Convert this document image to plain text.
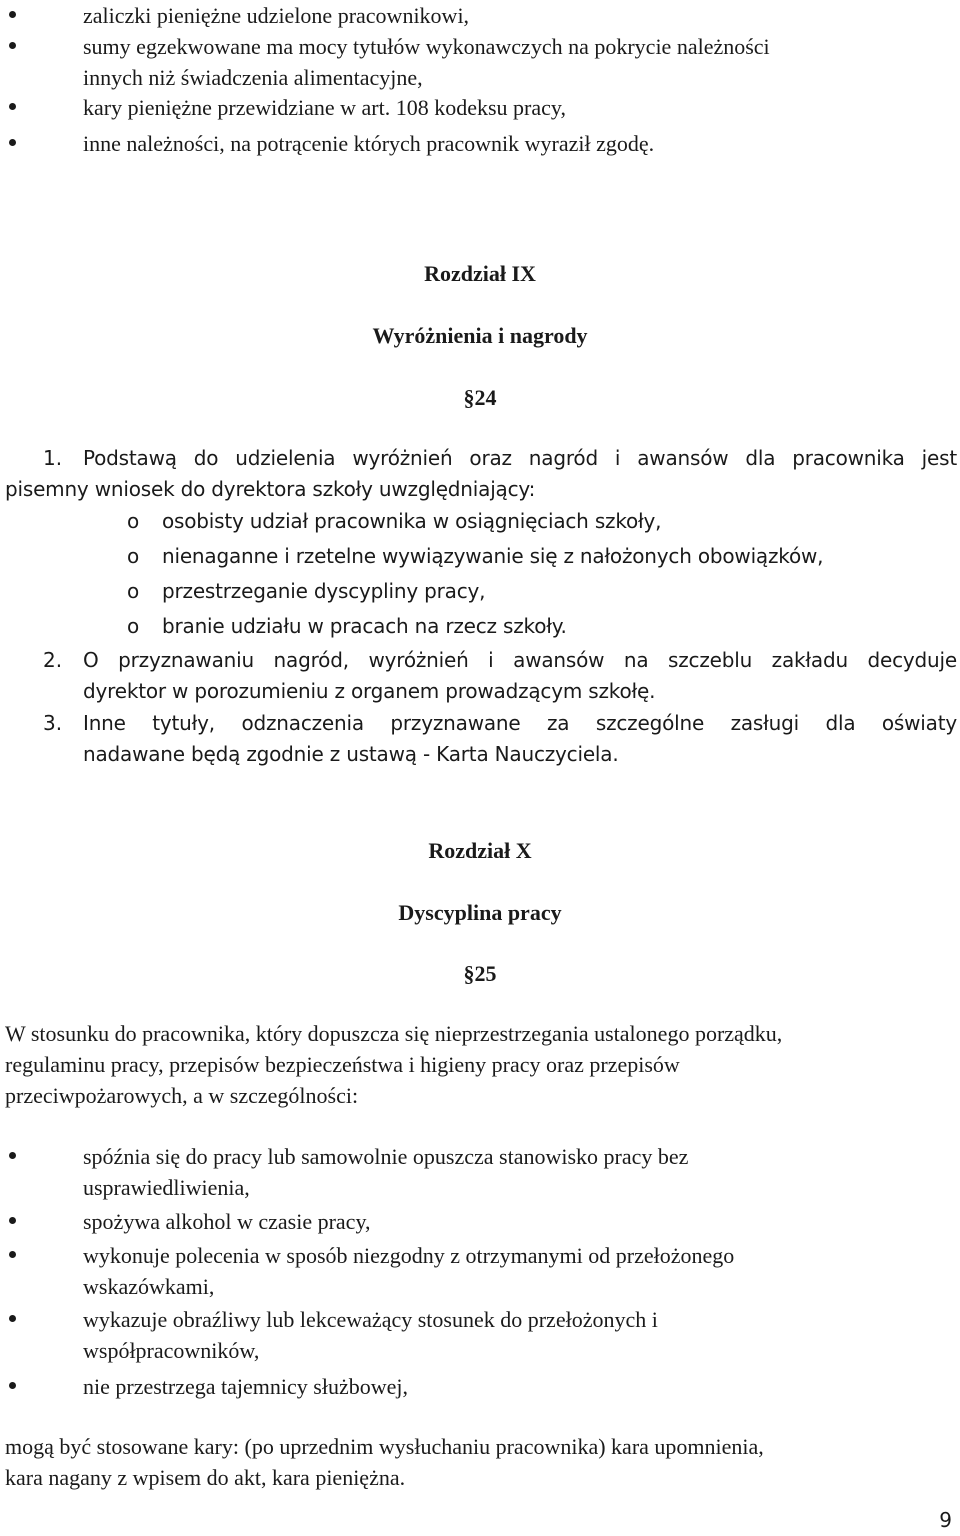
zaliczki pieniężne udzielone pracownikowi,
sumy egzekwowane ma mocy tytułów wykonawczych na pokrycie należności
innych niż świadczenia alimentacyjne,
kary pieniężne przewidziane w art. 108 kodeksu pracy,
inne należności, na potrącenie których pracownik wyraził zgodę.
Rozdział IX
Wyróżnienia i nagrody
§24
1. Podstawą do udzielenia wyróżnień oraz nagród i awansów dla pracownika jest
pisemny wniosek do dyrektora szkoły uwzględniający:
o osobisty udział pracownika w osiągnięciach szkoły,
o nienaganne i rzetelne wywiązywanie się z nałożonych obowiązków,
o przestrzeganie dyscypliny pracy,
o branie udziału w pracach na rzecz szkoły.
2. O przyznawaniu nagród, wyróżnień i awansów na szczeblu zakładu decyduje
dyrektor w porozumieniu z organem prowadzącym szkołę.
3. Inne tytuły, odznaczenia przyznawane za szczególne zasługi dla oświaty
nadawane będą zgodnie z ustawą - Karta Nauczyciela.
Rozdział X
Dyscyplina pracy
§25
W stosunku do pracownika, który dopuszcza się nieprzestrzegania ustalonego porządku,
regulaminu pracy, przepisów bezpieczeństwa i higieny pracy oraz przepisów
przeciwpożarowych, a w szczególności:
spóźnia się do pracy lub samowolnie opuszcza stanowisko pracy bez
usprawiedliwienia,
spożywa alkohol w czasie pracy,
wykonuje polecenia w sposób niezgodny z otrzymanymi od przełożonego
wskazówkami,
wykazuje obraźliwy lub lekceważący stosunek do przełożonych i
współpracowników,
nie przestrzega tajemnicy służbowej,
mogą być stosowane kary: (po uprzednim wysłuchaniu pracownika) kara upomnienia,
kara nagany z wpisem do akt, kara pieniężna.
9
